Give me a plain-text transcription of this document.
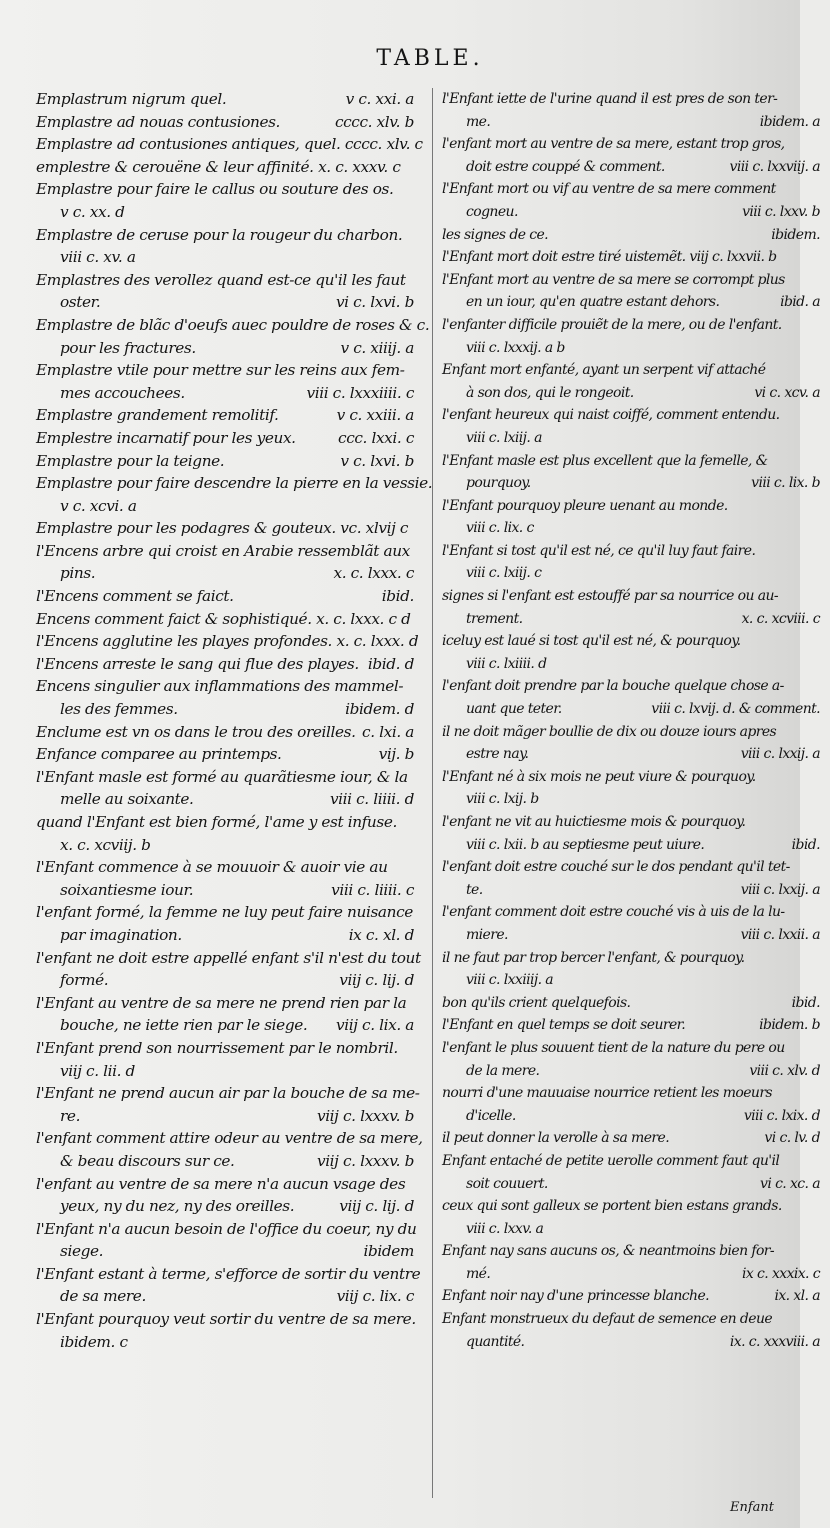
TABLE.
Emplastrum nigrum quel.	v c. xxi. a
Emplastre ad nouas contusiones.	cccc. xlv. b
Emplastre ad contusiones antiques, quel. cccc. xlv. c
emplestre & cerouëne & leur affinité. x. c. xxxv. c
Emplastre pour faire le callus ou souture des os.
v c. xx. d
Emplastre de ceruse pour la rougeur du charbon.
viii c. xv. a
Emplastres des verollez quand est-ce qu'il les faut
oster.	vi c. lxvi. b
Emplastre de blãc d'oeufs auec pouldre de roses & c.
pour les fractures.	v c. xiiij. a
Emplastre vtile pour mettre sur les reins aux fem-
mes accouchees.	viii c. lxxxiiii. c
Emplastre grandement remolitif.	v c. xxiii. a
Emplestre incarnatif pour les yeux.	ccc. lxxi. c
Emplastre pour la teigne.	v c. lxvi. b
Emplastre pour faire descendre la pierre en la vessie.
v c. xcvi. a
Emplastre pour les podagres & gouteux. vc. xlvij c
l'Encens arbre qui croist en Arabie ressemblãt aux
pins.	x. c. lxxx. c
l'Encens comment se faict.	ibid.
Encens comment faict & sophistiqué. x. c. lxxx. c d
l'Encens agglutine les playes profondes. x. c. lxxx. d
l'Encens arreste le sang qui flue des playes. ibid. d
Encens singulier aux inflammations des mammel-
les des femmes.	ibidem. d
Enclume est vn os dans le trou des oreilles. c. lxi. a
Enfance comparee au printemps.	vij. b
l'Enfant masle est formé au quarãtiesme iour, & la
melle au soixante.	viii c. liiii. d
quand l'Enfant est bien formé, l'ame y est infuse.
x. c. xcviij. b
l'Enfant commence à se mouuoir & auoir vie au
soixantiesme iour.	viii c. liiii. c
l'enfant formé, la femme ne luy peut faire nuisance
par imagination.	ix c. xl. d
l'enfant ne doit estre appellé enfant s'il n'est du tout
formé.	viij c. lij. d
l'Enfant au ventre de sa mere ne prend rien par la
bouche, ne iette rien par le siege.	viij c. lix. a
l'Enfant prend son nourrissement par le nombril.
viij c. lii. d
l'Enfant ne prend aucun air par la bouche de sa me-
re.	viij c. lxxxv. b
l'enfant comment attire odeur au ventre de sa mere,
& beau discours sur ce.	viij c. lxxxv. b
l'enfant au ventre de sa mere n'a aucun vsage des
yeux, ny du nez, ny des oreilles.	viij c. lij. d
l'Enfant n'a aucun besoin de l'office du coeur, ny du
siege.	ibidem
l'Enfant estant à terme, s'efforce de sortir du ventre
de sa mere.	viij c. lix. c
l'Enfant pourquoy veut sortir du ventre de sa mere.
ibidem. c
l'Enfant iette de l'urine quand il est pres de son ter-
me.	ibidem. a
l'enfant mort au ventre de sa mere, estant trop gros,
doit estre couppé & comment.	viii c. lxxviij. a
l'Enfant mort ou vif au ventre de sa mere comment
cogneu.	viii c. lxxv. b
les signes de ce.	ibidem.
l'Enfant mort doit estre tiré uistemẽt. viij c. lxxvii. b
l'Enfant mort au ventre de sa mere se corrompt plus
en un iour, qu'en quatre estant dehors.	ibid. a
l'enfanter difficile prouiẽt de la mere, ou de l'enfant.
viii c. lxxxij. a b
Enfant mort enfanté, ayant un serpent vif attaché
à son dos, qui le rongeoit.	vi c. xcv. a
l'enfant heureux qui naist coiffé, comment entendu.
viii c. lxiij. a
l'Enfant masle est plus excellent que la femelle, &
pourquoy.	viii c. lix. b
l'Enfant pourquoy pleure uenant au monde.
viii c. lix. c
l'Enfant si tost qu'il est né, ce qu'il luy faut faire.
viii c. lxiij. c
signes si l'enfant est estouffé par sa nourrice ou au-
trement.	x. c. xcviii. c
iceluy est laué si tost qu'il est né, & pourquoy.
viii c. lxiiii. d
l'enfant doit prendre par la bouche quelque chose a-
uant que teter.	viii c. lxvij. d. & comment.
il ne doit mãger boullie de dix ou douze iours apres
estre nay.	viii c. lxxij. a
l'Enfant né à six mois ne peut viure & pourquoy.
viii c. lxij. b
l'enfant ne vit au huictiesme mois & pourquoy.
viii c. lxii. b au septiesme peut uiure.	ibid.
l'enfant doit estre couché sur le dos pendant qu'il tet-
te.	viii c. lxxij. a
l'enfant comment doit estre couché vis à uis de la lu-
miere.	viii c. lxxii. a
il ne faut par trop bercer l'enfant, & pourquoy.
viii c. lxxiiij. a
bon qu'ils crient quelquefois.	ibid.
l'Enfant en quel temps se doit seurer.	ibidem. b
l'enfant le plus souuent tient de la nature du pere ou
de la mere.	viii c. xlv. d
nourri d'une mauuaise nourrice retient les moeurs
d'icelle.	viii c. lxix. d
il peut donner la verolle à sa mere.	vi c. lv. d
Enfant entaché de petite uerolle comment faut qu'il
soit couuert.	vi c. xc. a
ceux qui sont galleux se portent bien estans grands.
viii c. lxxv. a
Enfant nay sans aucuns os, & neantmoins bien for-
mé.	ix c. xxxix. c
Enfant noir nay d'une princesse blanche.	ix. xl. a
Enfant monstrueux du defaut de semence en deue
quantité.	ix. c. xxxviii. a
Enfant
